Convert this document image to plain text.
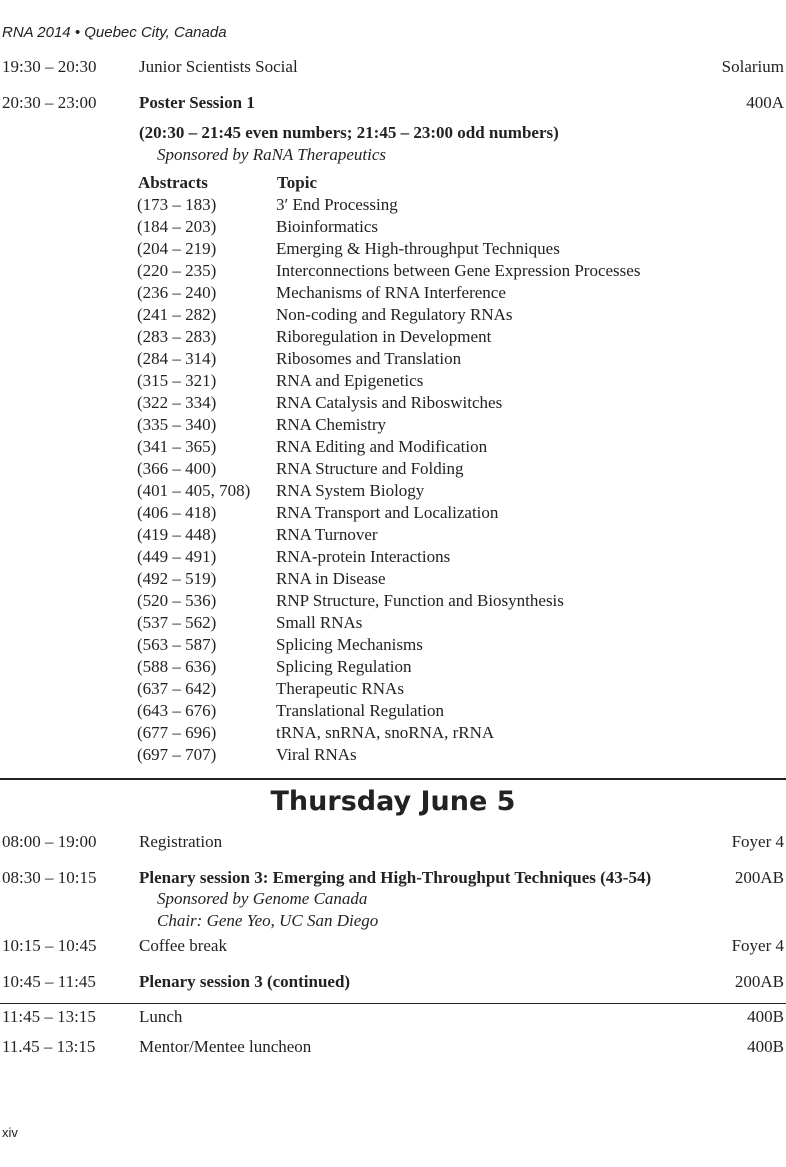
RNA 2014 • Quebec City, Canada
19:30 – 20:30	Junior Scientists Social	Solarium
20:30 – 23:00	Poster Session 1	400A
(20:30 – 21:45 even numbers; 21:45 – 23:00 odd numbers)
Sponsored by RaNA Therapeutics
Abstracts	Topic
(173 – 183)	3′ End Processing
(184 – 203)	Bioinformatics
(204 – 219)	Emerging & High-throughput Techniques
(220 – 235)	Interconnections between Gene Expression Processes
(236 – 240)	Mechanisms of RNA Interference
(241 – 282)	Non-coding and Regulatory RNAs
(283 – 283)	Riboregulation in Development
(284 – 314)	Ribosomes and Translation
(315 – 321)	RNA and Epigenetics
(322 – 334)	RNA Catalysis and Riboswitches
(335 – 340)	RNA Chemistry
(341 – 365)	RNA Editing and Modification
(366 – 400)	RNA Structure and Folding
(401 – 405, 708) RNA System Biology
(406 – 418)	RNA Transport and Localization
(419 – 448)	RNA Turnover
(449 – 491)	RNA-protein Interactions
(492 – 519)	RNA in Disease
(520 – 536)	RNP Structure, Function and Biosynthesis
(537 – 562)	Small RNAs
(563 – 587)	Splicing Mechanisms
(588 – 636)	Splicing Regulation
(637 – 642)	Therapeutic RNAs
(643 – 676)	Translational Regulation
(677 – 696)	tRNA, snRNA, snoRNA, rRNA
(697 – 707)	Viral RNAs
Thursday June 5
08:00 – 19:00	Registration	Foyer 4
08:30 – 10:15	Plenary session 3: Emerging and High-Throughput Techniques (43-54)	200AB
Sponsored by Genome Canada
Chair: Gene Yeo, UC San Diego
10:15 – 10:45	Coffee break	Foyer 4
10:45 – 11:45	Plenary session 3 (continued)	200AB
11:45 – 13:15	Lunch	400B
11.45 – 13:15	Mentor/Mentee luncheon	400B
xiv
